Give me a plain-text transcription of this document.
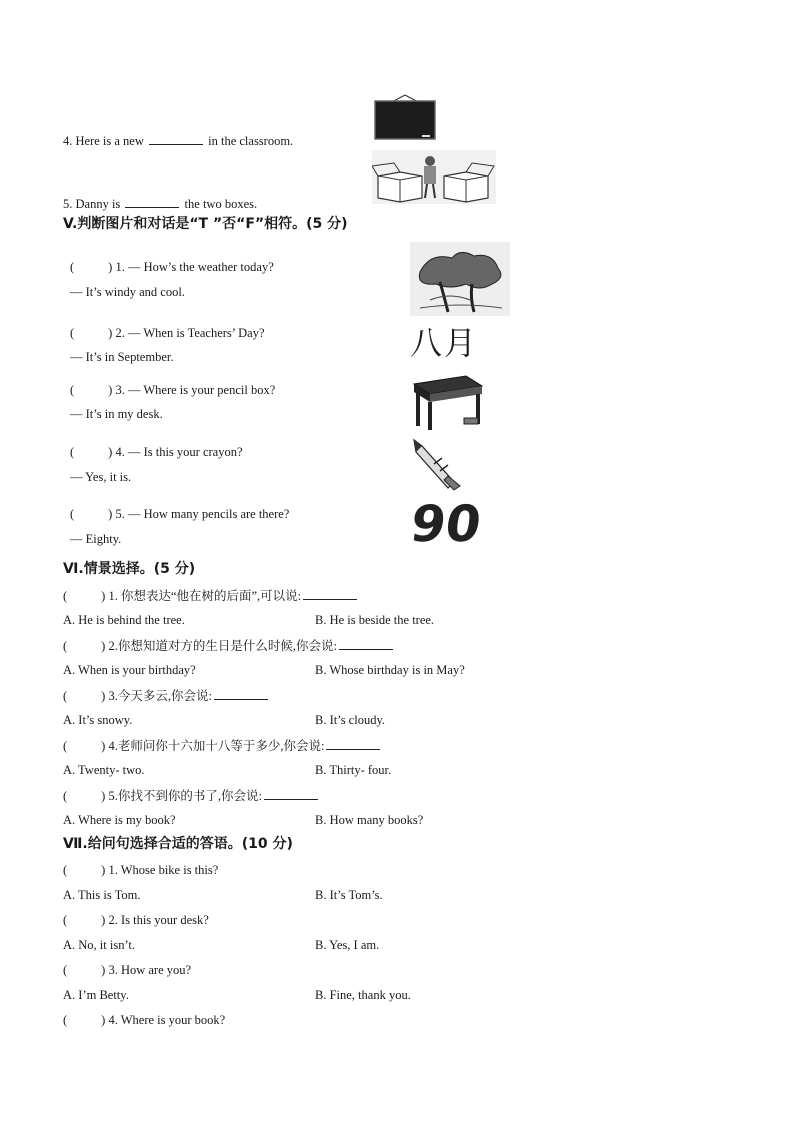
4. Here is a new	in the classroom.
5. Danny is	the two boxes.
V.判断图片和对话是“T ”否“F”相符。(5 分)
(	) 1. — How’s the weather today?
— It’s windy and cool.
(	) 2. — When is Teachers’ Day?
— It’s in September.	八月
(	) 3. — Where is your pencil box?
— It’s in my desk.
(	) 4. — Is this your crayon?
— Yes, it is.
(	) 5. — How many pencils are there?
— Eighty.	90
Ⅵ.情景选择。(5 分)
(	) 1. 你想表达“他在树的后面”,可以说:
A. He is behind the tree.	B. He is beside the tree.
(	) 2.你想知道对方的生日是什么时候,你会说:
A. When is your birthday?	B. Whose birthday is in May?
(	) 3.今天多云,你会说:
A. It’s snowy.	B. It’s cloudy.
(	) 4.老师问你十六加十八等于多少,你会说:
A. Twenty- two.	B. Thirty- four.
(	) 5.你找不到你的书了,你会说:
A. Where is my book?	B. How many books?
Ⅶ.给问句选择合适的答语。(10 分)
(	) 1. Whose bike is this?
A. This is Tom.	B. It’s Tom’s.
(	) 2. Is this your desk?
A. No, it isn’t.	B. Yes, I am.
(	) 3. How are you?
A. I’m Betty.	B. Fine, thank you.
(	) 4. Where is your book?
